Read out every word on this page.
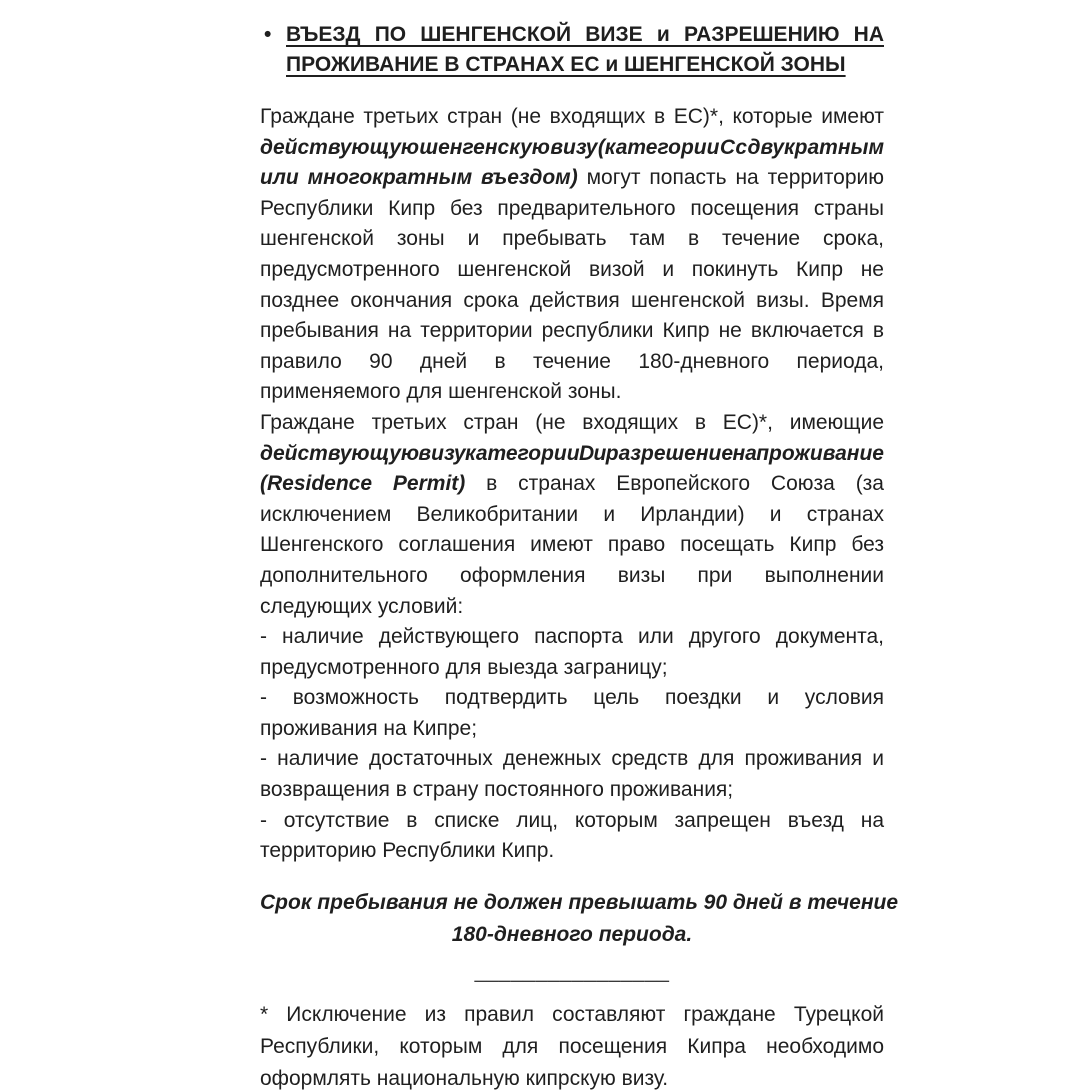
• ВЪЕЗД ПО ШЕНГЕНСКОЙ ВИЗЕ и РАЗРЕШЕНИЮ НА
ПРОЖИВАНИЕ В СТРАНАХ ЕС и ШЕНГЕНСКОЙ ЗОНЫ
Граждане третьих стран (не входящих в ЕС)*, которые имеют
действующую шенгенскую визу (категории С с двукратным
или многократным въездом) могут попасть на территорию
Республики Кипр без предварительного посещения страны
шенгенской зоны и пребывать там в течение срока,
предусмотренного шенгенской визой и покинуть Кипр не
позднее окончания срока действия шенгенской визы. Время
пребывания на территории республики Кипр не включается в
правило 90 дней в течение 180-дневного периода,
применяемого для шенгенской зоны.
Граждане третьих стран (не входящих в ЕС)*, имеющие
действующую визу категории D и разрешение на проживание
(Residence Permit) в странах Европейского Союза (за
исключением Великобритании и Ирландии) и странах
Шенгенского соглашения имеют право посещать Кипр без
дополнительного оформления визы при выполнении
следующих условий:
- наличие действующего паспорта или другого документа,
предусмотренного для выезда заграницу;
- возможность подтвердить цель поездки и условия
проживания на Кипре;
- наличие достаточных денежных средств для проживания и
возвращения в страну постоянного проживания;
- отсутствие в списке лиц, которым запрещен въезд на
территорию Республики Кипр.
Срок пребывания не должен превышать 90 дней в течение
180-дневного периода.
________________
* Исключение из правил составляют граждане Турецкой
Республики, которым для посещения Кипра необходимо
оформлять национальную кипрскую визу.
